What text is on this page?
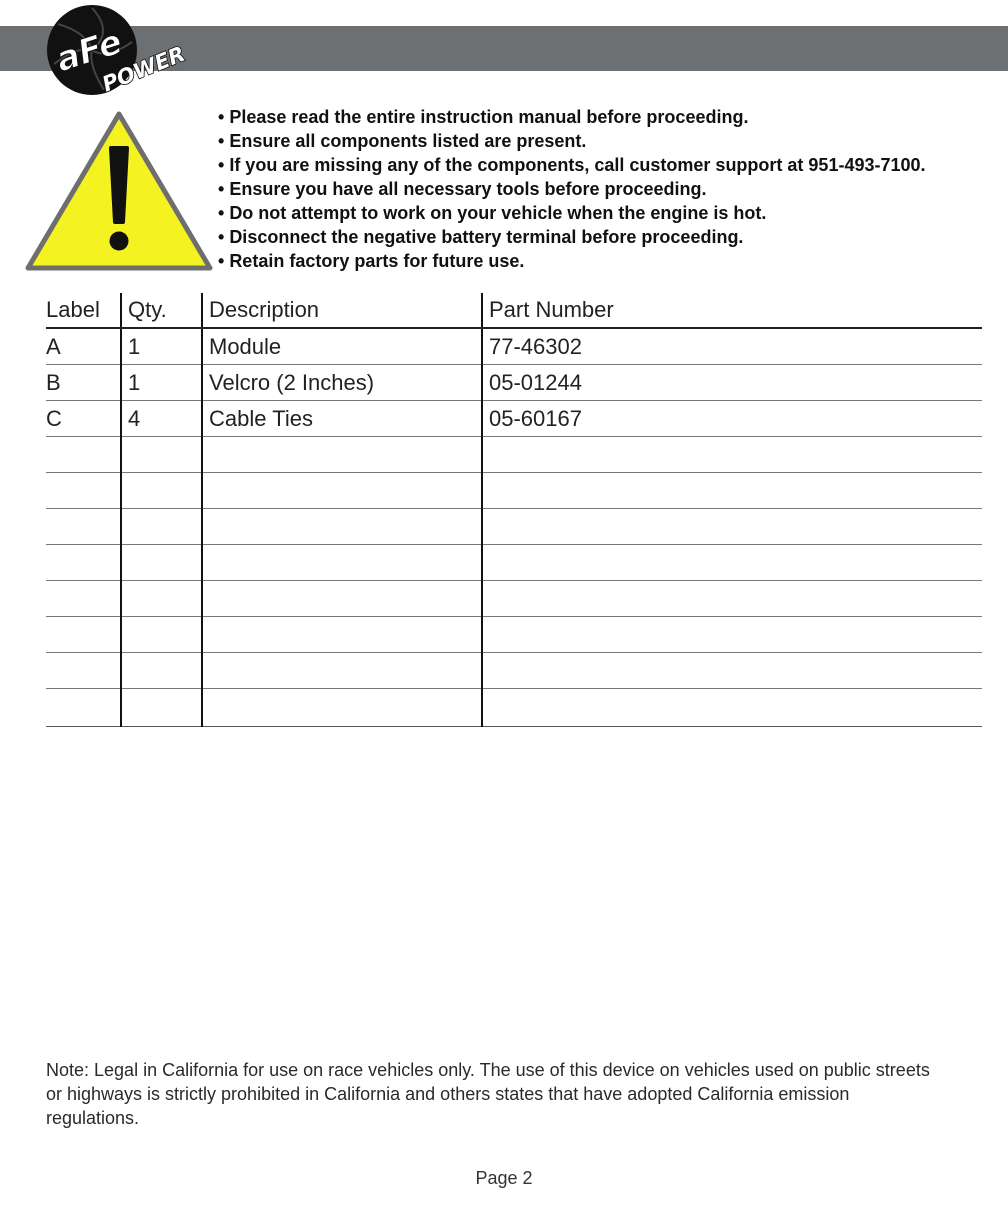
aFe
POWER
• Please read the entire instruction manual before proceeding.
• Ensure all components listed are present.
• If you are missing any of the components, call customer support at 951-493-7100.
• Ensure you have all necessary tools before proceeding.
• Do not attempt to work on your vehicle when the engine is hot.
• Disconnect the negative battery terminal before proceeding.
• Retain factory parts for future use.
Label	Qty.	Description	Part Number
A	1	Module	77-46302
B	1	Velcro (2 Inches)	05-01244
C	4	Cable Ties	05-60167

Note: Legal in California for use on race vehicles only. The use of this device on vehicles used on public streets or highways is strictly prohibited in California and others states that have adopted California emission regulations.
Page 2
